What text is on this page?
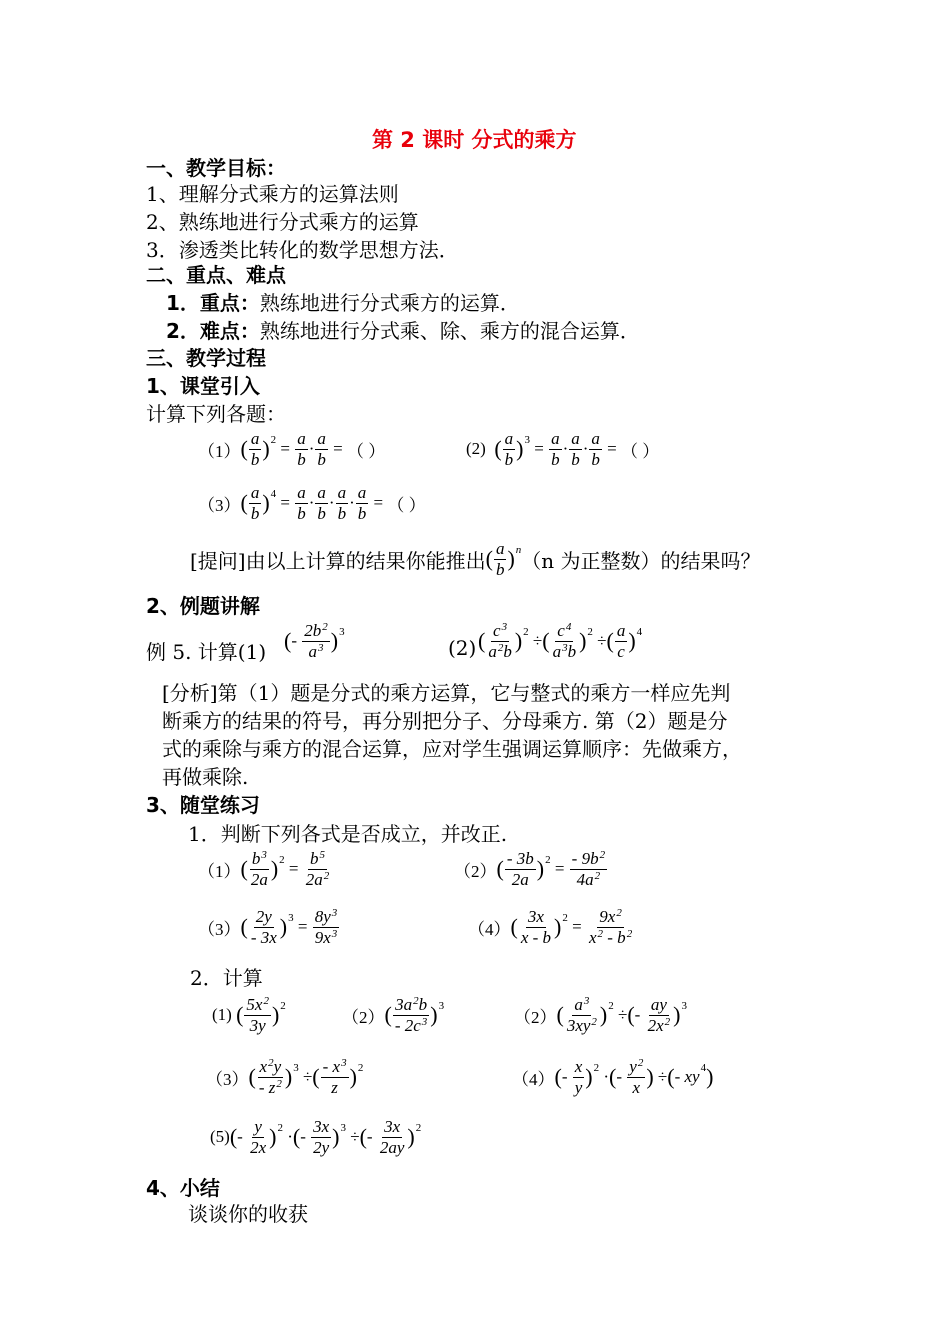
第 2 课时 分式的乘方
一、教学目标：
1、理解分式乘方的运算法则
2、熟练地进行分式乘方的运算
3．渗透类比转化的数学思想方法．
二、重点、难点
1．重点：熟练地进行分式乘方的运算．
2．难点：熟练地进行分式乘、除、乘方的混合运算．
三、教学过程
1、课堂引入
计算下列各题：
（1） ( a
b ) $2 = \frac{a}{b} \cdot \frac{a}{b}$ = （ ）	(2)
( a
b ) $3 = \frac{a}{b}$ ·
a
b
· $\frac{a}{b}$ = （ ）
（3） ( a
b ) $4 = \frac{a}{b}$ ·
a
b
·
a
b
· $\frac{a}{b}$ = （ ）
[提问]由以上计算的结果你能推出 ( a
b ) n （n 为正整数）的结果吗？
2、例题讲解
例 5. 计算(1) ( -
$2b^2$
$a^3$ ) 3
(2) ( $c^3$
$a^2b$ ) 2 ÷ ( $c^4$
$a^3b$ ) 2 ÷ ( a
c ) 4
[分析]第（1）题是分式的乘方运算，它与整式的乘方一样应先判
断乘方的结果的符号，再分别把分子、分母乘方. 第（2）题是分
式的乘除与乘方的混合运算，应对学生强调运算顺序：先做乘方，
再做乘除.
3、随堂练习
1．判断下列各式是否成立，并改正.
（1） ( $b^3$
2a ) 2 =
$b^5$
$2a^2$	（2） ( - 3b
2a ) 2 =
- $9b^2$
$4a^2$
（3） ( 2y
- 3x ) 3 =
$8y^3$
$9x^3$	（4） ( 3x
x - b ) 2 =
$9x^2$
$x^2 - b^2$
2．计算
(1)
( $5x^2$
3y ) 2
（2） ( $3a^2b$
- $2c^3$ ) 3
（2） ( $a^3$
$3xy^2$ ) 2 ÷ ( -
ay
$2x^2$ ) 3
（3） ( $x^2y$
- $z^2$ ) 3 ÷ ( - $x^3$
z ) 2
（4） ( -
x
y ) 2 · ( -
$y^2$
x ) ÷ ( - xy 4 )
(5) ( -
y
2x ) 2 · ( -
3x
2y ) 3 ÷ ( -
3x
2ay ) 2
4、小结
谈谈你的收获
